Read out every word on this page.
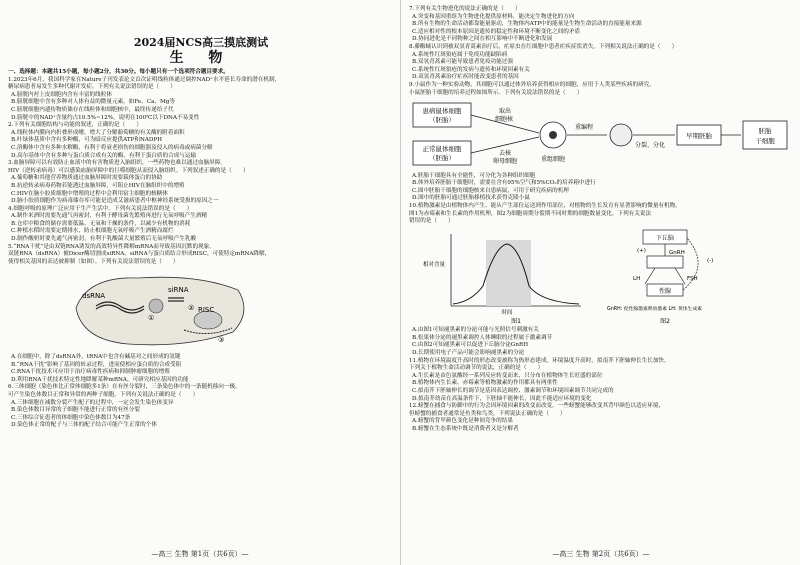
2024届NCS高三摸底测试
生 物

一、选择题：本题共15小题，每小题2分，共30分。每小题只有一个选项符合题目要求。

1.2023年6月，我国科学家在Nature子刊发表论文首次证明线粒体通过调控NAD⁺水平延长寿命的潜在机制，

糖尿病患者易发生多种代谢并发症。下列有关说法错误的是（　　）

A.膀胱内衬上皮细胞内含有丰富的线粒体

B.膀胱细胞中含有多种对人体有益的微量元素，如Fe、Ca、Mg等

C.膀胱细胞内遗传物质储存在线粒体和细胞核中，最终传递给子代

D.膀胱中的NAD⁺含量约占10.5%~12%，说明在100℃以下DNA不易变性

2.下列有关细胞结构与功能的叙述，正确的是（　　）

A.线粒体内膜向内折叠形成嵴，增大了分解葡萄糖的有关酶的附着面积

B.叶绿体基质中含有多种酶，可为暗反应提供ATP和NADPH

C.溶酶体中含有多种水解酶，有利于将衰老损伤的细胞器及侵入的病毒或病菌分解

D.高尔基体中含有多种与蛋白质合成有关的酶，有利于蛋白质的合成与运输

3.血脑屏障可以有效防止血液中的有害物质进入脑组织，一些药物也难以通过血脑屏障。

HIV（逆转录病毒）可以感染血脑屏障中的巨噬细胞从而侵入脑组织。下列叙述正确的是（　　）

A.葡萄糖和其他营养物质通过血脑屏障时需要载体蛋白的协助

B.抗逆转录病毒药物若能透过血脑屏障，可阻止HIV在脑组织中的增殖

C.HIV在脑小胶质细胞中增殖的过程中会利用宿主细胞的核糖体

D.脑小胶质细胞作为病毒储存库可能是造成艾滋病患者中枢神经系统受损的原因之一

4.细胞呼吸的原理广泛应用于生产生活中。下列有关说法错误的是（　　）

A.制作米酒时需要先通气再密封，有利于酵母菌先繁殖再进行无氧呼吸产生酒精

B.仓库中粮食的储存需要低温、无氧和干燥的条件，以减少有机物的消耗

C.种植水稻时需要定期排水，防止根细胞无氧呼吸产生酒精而腐烂

D.制作酸奶时要先通气再密封，有利于乳酸菌大量繁殖后无氧呼吸产生乳酸

5.“RNA干扰”是由双链RNA诱发的高效特异性降解mRNA而导致基因沉默的现象。

双链RNA（dsRNA）被Dicer酶切割成siRNA，siRNA与蛋白质结合形成RISC，可使特定mRNA降解，

使得相关基因的表达被抑制（如图）。下列有关说法错误的是（　　）

dsRNA
siRNA
RISC
①
②
③

A.在细胞中，除了dsRNA外，tRNA中也含有碱基对之间形成的氢键

B.“RNA干扰”影响了基因的转录过程，进而使相应蛋白质的合成受阻

C.RNA干扰技术可应用于治疗病毒性疾病和抑制肿瘤细胞的增殖

D.利用RNA干扰技术特定性地降解某种mRNA，可研究相应基因的功能

6.三体细胞（染色体比正常体细胞多1条）在有丝分裂时，三条染色体中的一条随机移向一极。

可产生染色体数目正常和异常的两种子细胞。下列有关说法正确的是（　　）

A.三体细胞在减数分裂产生配子的过程中，一定会发生染色体变异

B.染色体数目异常的子细胞不能进行正常的有丝分裂

C.三体综合征患者的体细胞中染色体数目为47条

D.染色体正常的配子与三体的配子结合可能产生正常的个体

—高三 生物 第1页（共6页）—

7.下列有关生物进化的说法正确的是（　　）

A.突变和基因重组为生物进化提供原材料，能决定生物进化的方向

B.所有生物的生命活动都靠能量驱动，生物体内ATP中的能量是生物生命活动的直接能量来源

C.适应相对性的根本原因是遗传的稳定性和环境不断变化之间的矛盾

D.协同进化是不同物种之间在相互影响中不断进化和发展

8.藤酶蛹认识到被双氢青蒿素治疗后，疟原虫在红细胞中患者疟疾症状消失。下列相关说法正确的是（　　）

A.系统性红斑狼疮属于免疫功能缺陷病

B.双氢青蒿素可能导致患者免疫功能过强

C.系统性红斑狼疮的发病与遗传和环境因素有关

D.双氢青蒿素治疗疟疾时能改变患者的基因

9.小鼠作为一种实验动物，其细胞可以通过体外培养获得相应的细胞，应用于人类某些疾病的研究。

小鼠胚胎干细胞的培养过程如图所示。下列有关说法错误的是（　　）

患病鼠体细胞
（胚胎）
正常鼠体细胞
（胚胎）
取出
细胞核
去核
卵母细胞	重组细胞
重编程
分裂、分化
早期胚胎
胚胎
干细胞

A.胚胎干细胞具有全能性，可分化为各种组织细胞

B.体外培养胚胎干细胞时，需要在含有95%空气和5%CO₂的培养箱中进行

C.图中胚胎干细胞的细胞核来自患病鼠，可用于研究疾病的机理

D.图中的胚胎可通过胚胎移植技术获得克隆小鼠

10.植物激素是由植物体内产生、能从产生部位运送到作用部位，对植物的生长发育有显著影响的微量有机物。

图1为赤霉素和生长素的作用机理，图2为细胞周期分裂期不同时期的细胞数量变化。下列有关说法

错误的是（　　）

相对含量
时间
图1
下丘脑
GnRH
LH	FSH
性腺
(-)
(+)
GnRH: 促性腺激素释放激素 LH: 黄体生成素
图2

A.由图1可知褪黑素的分泌可能与光照信号刺激有关

B.松果体分泌的褪黑素调控人体睡眠的过程属于激素调节

C.由图2可知褪黑素可以促进下丘脑分泌GnRH

D.长期使用电子产品可能会影响褪黑素的分泌

11.植物在环境温度升高时的形态改变被称为热形态建成。环境温度升高时，拟南芥下胚轴伸长生长加快。

下列关于植物生命活动调节的说法，正确的是（　　）

A.生长素是由色氨酸经一系列反应转变而来，只分布在植物体生长旺盛的部位

B.植物体内生长素、赤霉素等植物激素的作用都具有两重性

C.拟南芥下胚轴伸长的调节是基因表达调控、激素调节和环境因素调节共同完成的

D.拟南芥幼苗在高温条件下，下胚轴不能伸长，因此不能适应环境的变化

12.螃蟹在捕食与防御中的行为会因环境因素的改变而改变。一些螃蟹能够改变其背甲颜色以适应环境，

但螃蟹的捕食者通常是鱼类和鸟类。下列说法正确的是（　　）

A.螃蟹的背甲颜色变化是种间竞争的结果

B.螃蟹在生态系统中既是消费者又是分解者

—高三 生物 第2页（共6页）—
